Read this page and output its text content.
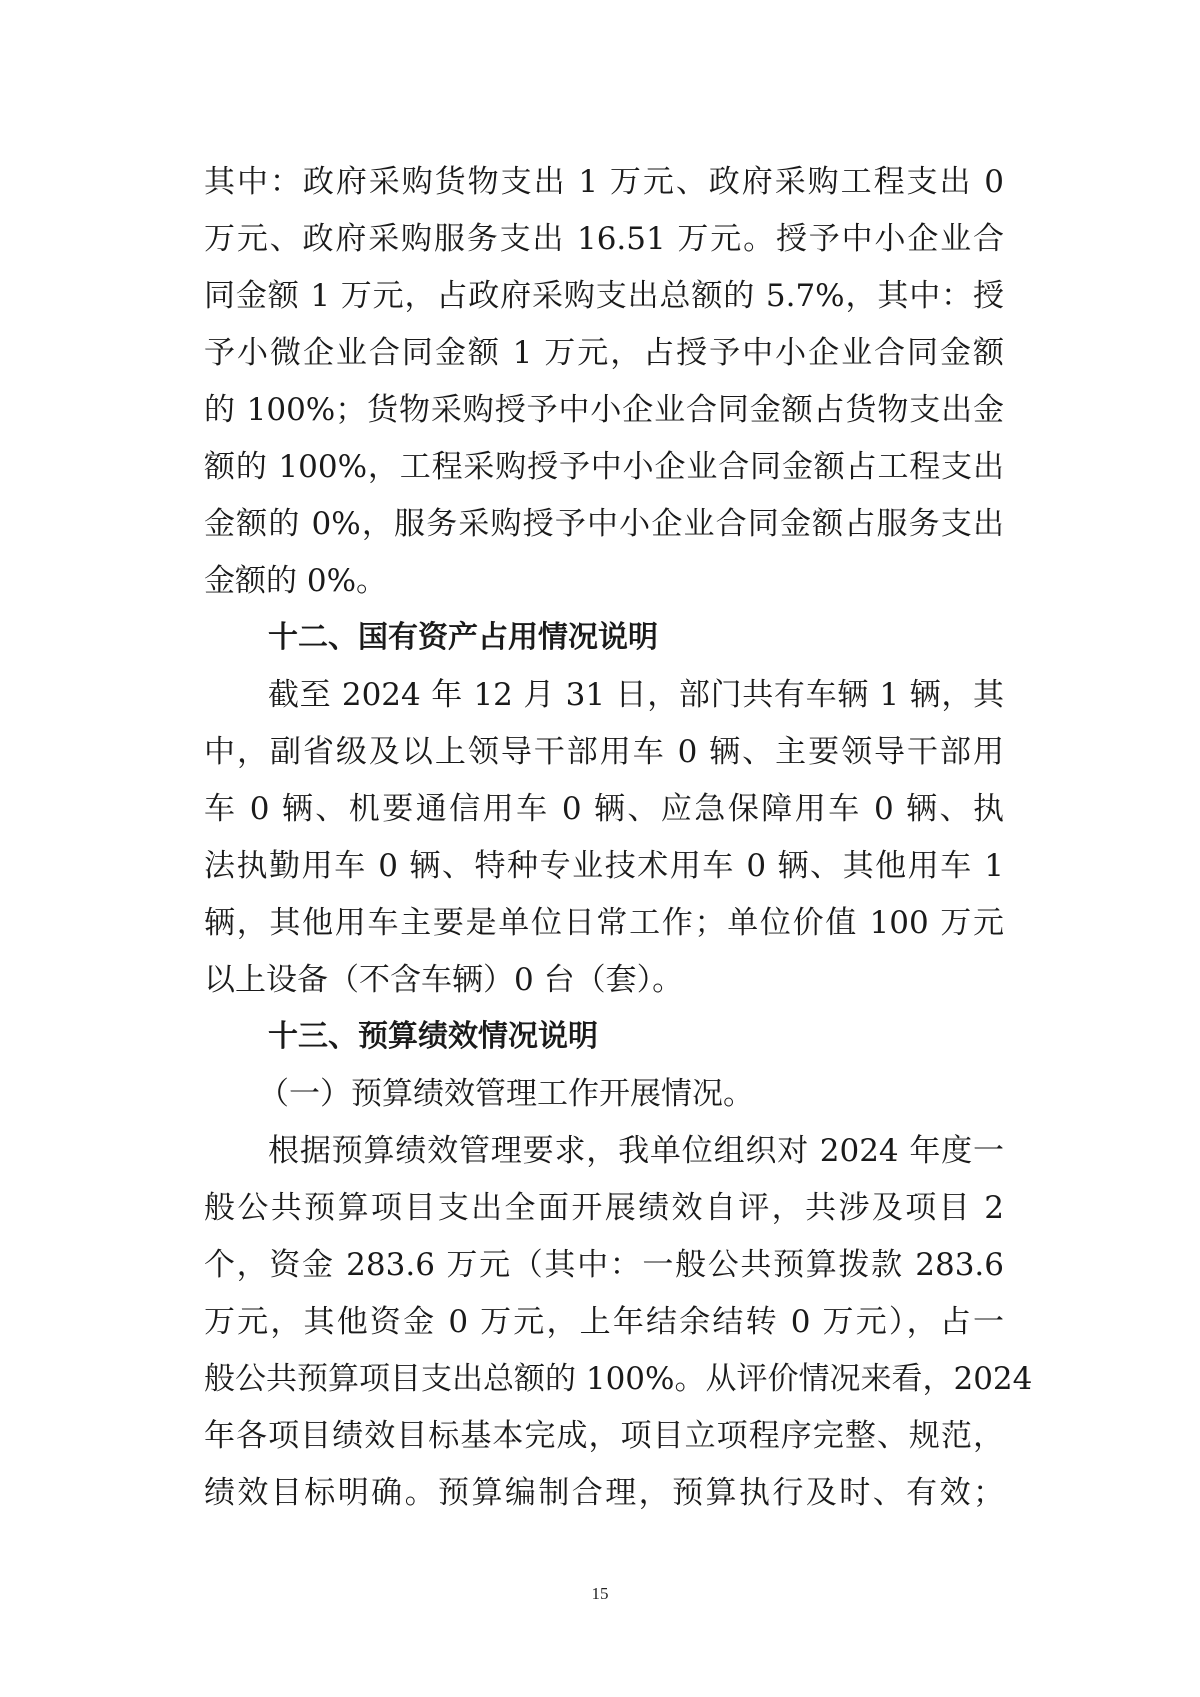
其中：政府采购货物支出 1 万元、政府采购工程支出 0
万元、政府采购服务支出 16.51 万元。授予中小企业合
同金额 1 万元，占政府采购支出总额的 5.7%，其中：授
予小微企业合同金额 1 万元，占授予中小企业合同金额
的 100%；货物采购授予中小企业合同金额占货物支出金
额的 100%，工程采购授予中小企业合同金额占工程支出
金额的 0%，服务采购授予中小企业合同金额占服务支出
金额的 0%。
十二、国有资产占用情况说明
截至 2024 年 12 月 31 日，部门共有车辆 1 辆，其
中，副省级及以上领导干部用车 0 辆、主要领导干部用
车 0 辆、机要通信用车 0 辆、应急保障用车 0 辆、执
法执勤用车 0 辆、特种专业技术用车 0 辆、其他用车 1
辆，其他用车主要是单位日常工作；单位价值 100 万元
以上设备（不含车辆）0 台（套）。
十三、预算绩效情况说明
（一）预算绩效管理工作开展情况。
根据预算绩效管理要求，我单位组织对 2024 年度一
般公共预算项目支出全面开展绩效自评，共涉及项目 2
个，资金 283.6 万元（其中：一般公共预算拨款 283.6
万元，其他资金 0 万元，上年结余结转 0 万元），占一
般公共预算项目支出总额的 100%。从评价情况来看，2024
年各项目绩效目标基本完成，项目立项程序完整、规范，
绩效目标明确。预算编制合理，预算执行及时、有效；
15
